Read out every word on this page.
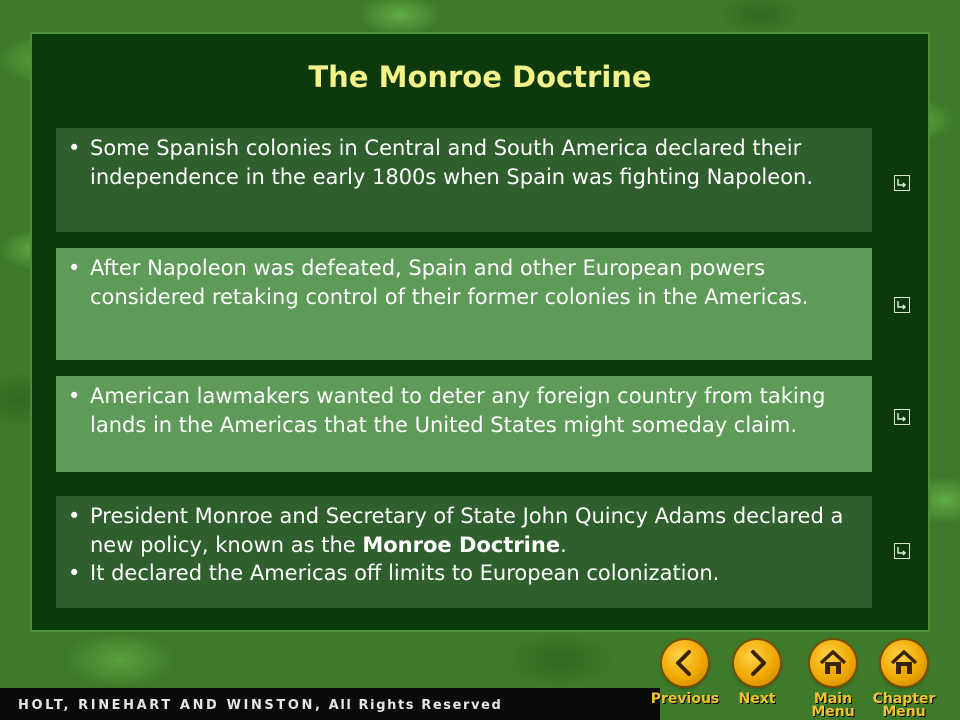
The Monroe Doctrine
• Some Spanish colonies in Central and South America declared their independence in the early 1800s when Spain was fighting Napoleon.
• After Napoleon was defeated, Spain and other European powers considered retaking control of their former colonies in the Americas.
• American lawmakers wanted to deter any foreign country from taking lands in the Americas that the United States might someday claim.
• President Monroe and Secretary of State John Quincy Adams declared a new policy, known as the Monroe Doctrine.
• It declared the Americas off limits to European colonization.
HOLT, RINEHART AND WINSTON, All Rights Reserved	Previous	Next	Main
Menu
Chapter
Menu
